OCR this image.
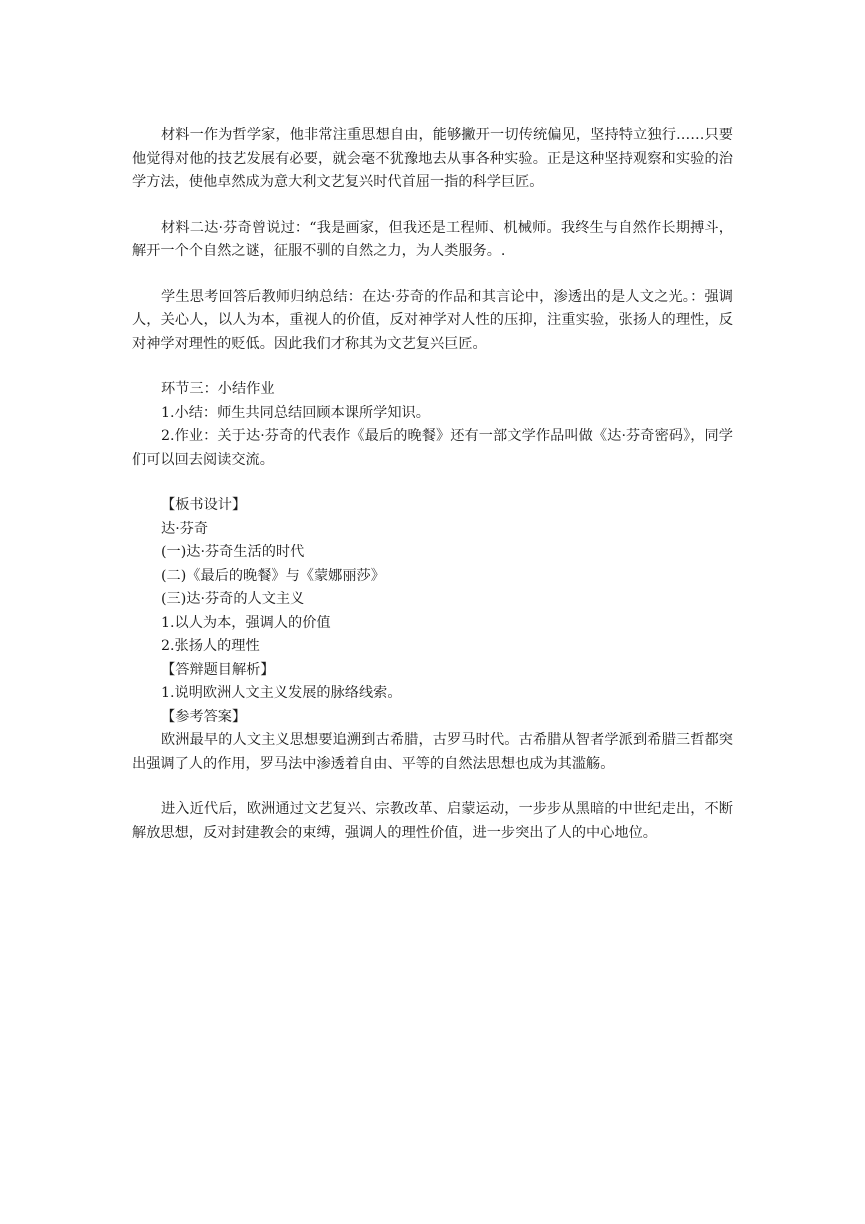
材料一作为哲学家，他非常注重思想自由，能够撇开一切传统偏见，坚持特立独行……只要他觉得对他的技艺发展有必要，就会毫不犹豫地去从事各种实验。正是这种坚持观察和实验的治学方法，使他卓然成为意大利文艺复兴时代首屈一指的科学巨匠。

材料二达·芬奇曾说过：“我是画家，但我还是工程师、机械师。我终生与自然作长期搏斗，解开一个个自然之谜，征服不驯的自然之力，为人类服务。.

学生思考回答后教师归纳总结：在达·芬奇的作品和其言论中，渗透出的是人文之光。：强调人，关心人，以人为本，重视人的价值，反对神学对人性的压抑，注重实验，张扬人的理性，反对神学对理性的贬低。因此我们才称其为文艺复兴巨匠。

环节三：小结作业

1.小结：师生共同总结回顾本课所学知识。

2.作业：关于达·芬奇的代表作《最后的晚餐》还有一部文学作品叫做《达·芬奇密码》，同学们可以回去阅读交流。

【板书设计】

达·芬奇

(一)达·芬奇生活的时代

(二)《最后的晚餐》与《蒙娜丽莎》

(三)达·芬奇的人文主义

1.以人为本，强调人的价值

2.张扬人的理性

【答辩题目解析】

1.说明欧洲人文主义发展的脉络线索。

【参考答案】

欧洲最早的人文主义思想要追溯到古希腊，古罗马时代。古希腊从智者学派到希腊三哲都突出强调了人的作用，罗马法中渗透着自由、平等的自然法思想也成为其滥觞。

进入近代后，欧洲通过文艺复兴、宗教改革、启蒙运动，一步步从黑暗的中世纪走出，不断解放思想，反对封建教会的束缚，强调人的理性价值，进一步突出了人的中心地位。
